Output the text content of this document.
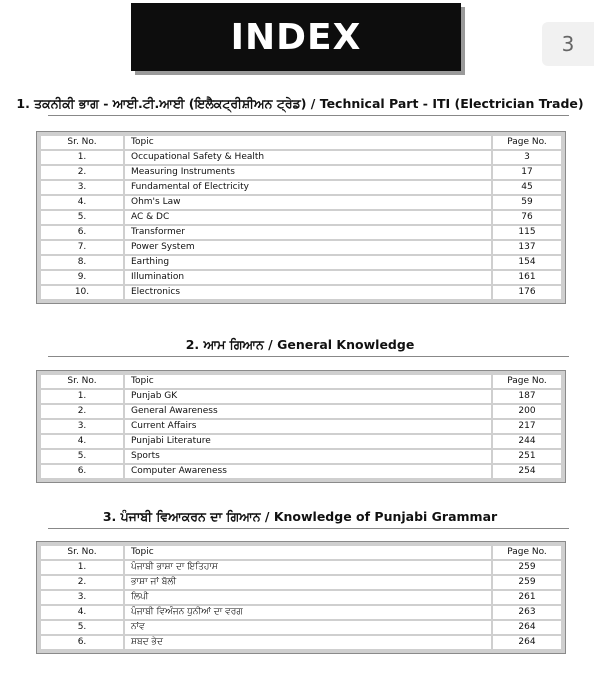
INDEX	3
1. ਤਕਨੀਕੀ ਭਾਗ - ਆਈ.ਟੀ.ਆਈ (ਇਲੈਕਟ੍ਰੀਸ਼ੀਅਨ ਟ੍ਰੇਡ) / Technical Part - ITI (Electrician Trade)
Sr. No.	Topic	Page No.
1.	Occupational Safety & Health	3
2.	Measuring Instruments	17
3.	Fundamental of Electricity	45
4.	Ohm's Law	59
5.	AC & DC	76
6.	Transformer	115
7.	Power System	137
8.	Earthing	154
9.	Illumination	161
10.	Electronics	176
2. ਆਮ ਗਿਆਨ / General Knowledge
Sr. No.	Topic	Page No.
1.	Punjab GK	187
2.	General Awareness	200
3.	Current Affairs	217
4.	Punjabi Literature	244
5.	Sports	251
6.	Computer Awareness	254
3. ਪੰਜਾਬੀ ਵਿਆਕਰਨ ਦਾ ਗਿਆਨ / Knowledge of Punjabi Grammar
Sr. No.	Topic	Page No.
1.	ਪੰਜਾਬੀ ਭਾਸ਼ਾ ਦਾ ਇਤਿਹਾਸ	259
2.	ਭਾਸ਼ਾ ਜਾਂ ਬੋਲੀ	259
3.	ਲਿਪੀ	261
4.	ਪੰਜਾਬੀ ਵਿਅੰਜਨ ਧੁਨੀਆਂ ਦਾ ਵਰਗ	263
5.	ਨਾਂਵ	264
6.	ਸ਼ਬਦ ਭੇਦ	264
